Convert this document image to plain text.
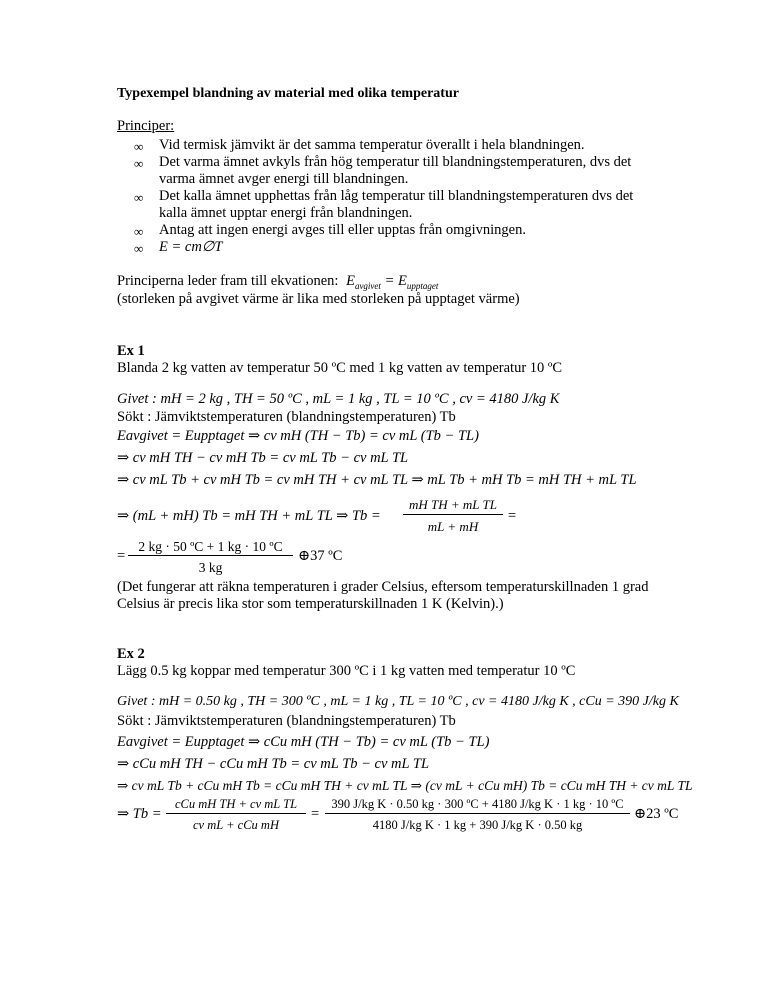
Typexempel blandning av material med olika temperatur
Principer:
∞ Vid termisk jämvikt är det samma temperatur överallt i hela blandningen.
∞ Det varma ämnet avkyls från hög temperatur till blandningstemperaturen, dvs det
varma ämnet avger energi till blandningen.
∞ Det kalla ämnet upphettas från låg temperatur till blandningstemperaturen dvs det
kalla ämnet upptar energi från blandningen.
∞ Antag att ingen energi avges till eller upptas från omgivningen.
∞ E = cm∅T
Principerna leder fram till ekvationen: $E_{avgivet} = E_{upptaget}$
(storleken på avgivet värme är lika med storleken på upptaget värme)
Ex 1
Blanda 2 kg vatten av temperatur 50 ºC med 1 kg vatten av temperatur 10 ºC
Givet : mH = 2 kg , TH = 50 ºC , mL = 1 kg , TL = 10 ºC , cv = 4180 J/kg K
Sökt : Jämviktstemperaturen (blandningstemperaturen) Tb
Eavgivet = Eupptaget ⇒ cv mH (TH − Tb) = cv mL (Tb − TL)
⇒ cv mH TH − cv mH Tb = cv mL Tb − cv mL TL
⇒ cv mL Tb + cv mH Tb = cv mH TH + cv mL TL ⇒ mL Tb + mH Tb = mH TH + mL TL
⇒ (mL + mH) Tb = mH TH + mL TL ⇒ Tb =
mH TH + mL TL
mL + mH
=
=
2 kg · 50 ºC + 1 kg · 10 ºC
3 kg
⊕37 ºC
(Det fungerar att räkna temperaturen i grader Celsius, eftersom temperaturskillnaden 1 grad
Celsius är precis lika stor som temperaturskillnaden 1 K (Kelvin).)
Ex 2
Lägg 0.5 kg koppar med temperatur 300 ºC i 1 kg vatten med temperatur 10 ºC
Givet : mH = 0.50 kg , TH = 300 ºC , mL = 1 kg , TL = 10 ºC , cv = 4180 J/kg K , cCu = 390 J/kg K
Sökt : Jämviktstemperaturen (blandningstemperaturen) Tb
Eavgivet = Eupptaget ⇒ cCu mH (TH − Tb) = cv mL (Tb − TL)
⇒ cCu mH TH − cCu mH Tb = cv mL Tb − cv mL TL
⇒ cv mL Tb + cCu mH Tb = cCu mH TH + cv mL TL ⇒ (cv mL + cCu mH) Tb = cCu mH TH + cv mL TL
⇒ Tb =
cCu mH TH + cv mL TL
cv mL + cCu mH
=
390 J/kg K · 0.50 kg · 300 ºC + 4180 J/kg K · 1 kg · 10 ºC
4180 J/kg K · 1 kg + 390 J/kg K · 0.50 kg
⊕23 ºC
